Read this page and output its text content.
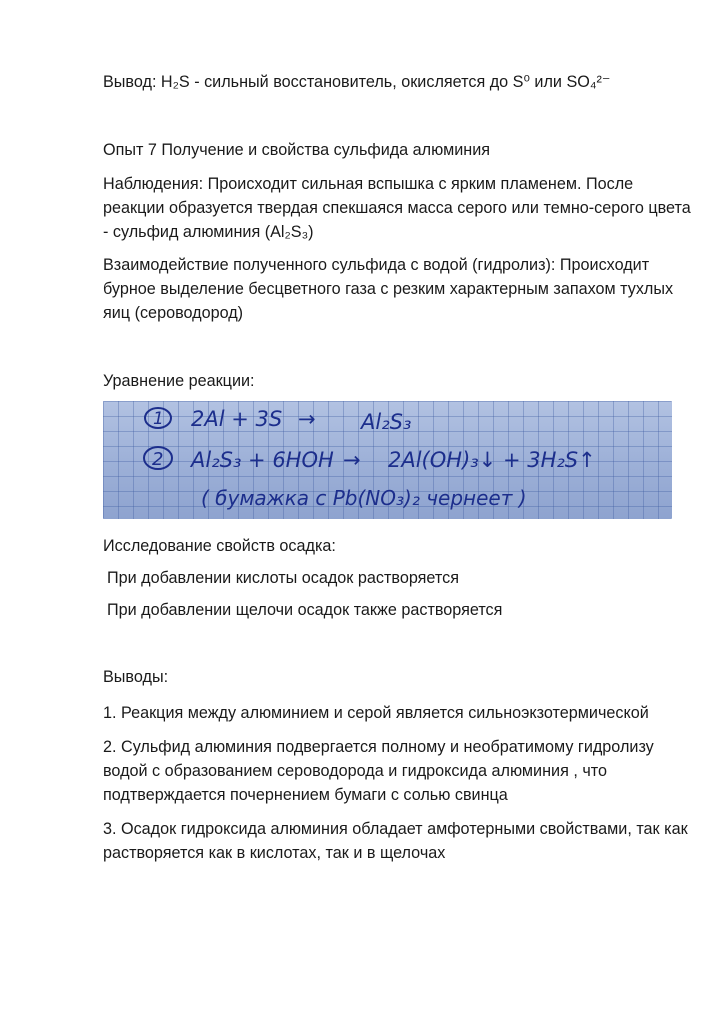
Вывод: H₂S - сильный восстановитель, окисляется до S⁰ или SO₄²⁻

Опыт 7 Получение и свойства сульфида алюминия

Наблюдения: Происходит сильная вспышка с ярким пламенем. После

реакции образуется твердая спекшаяся масса серого или темно-серого цвета

- сульфид алюминия (Al₂S₃)

Взаимодействие полученного сульфида с водой (гидролиз): Происходит

бурное выделение бесцветного газа с резким характерным запахом тухлых

яиц (сероводород)

Уравнение реакции:

1
2
2Al + 3S → Al₂S₃
Al₂S₃ + 6HOH → 2Al(OH)₃↓ + 3H₂S↑
( бумажка с Pb(NO₃)₂ чернеет )

Исследование свойств осадка:

При добавлении кислоты осадок растворяется

При добавлении щелочи осадок также растворяется

Выводы:

1. Реакция между алюминием и серой является сильноэкзотермической

2. Сульфид алюминия подвергается полному и необратимому гидролизу

водой с образованием сероводорода и гидроксида алюминия , что

подтверждается почернением бумаги с солью свинца

3. Осадок гидроксида алюминия обладает амфотерными свойствами, так как

растворяется как в кислотах, так и в щелочах
